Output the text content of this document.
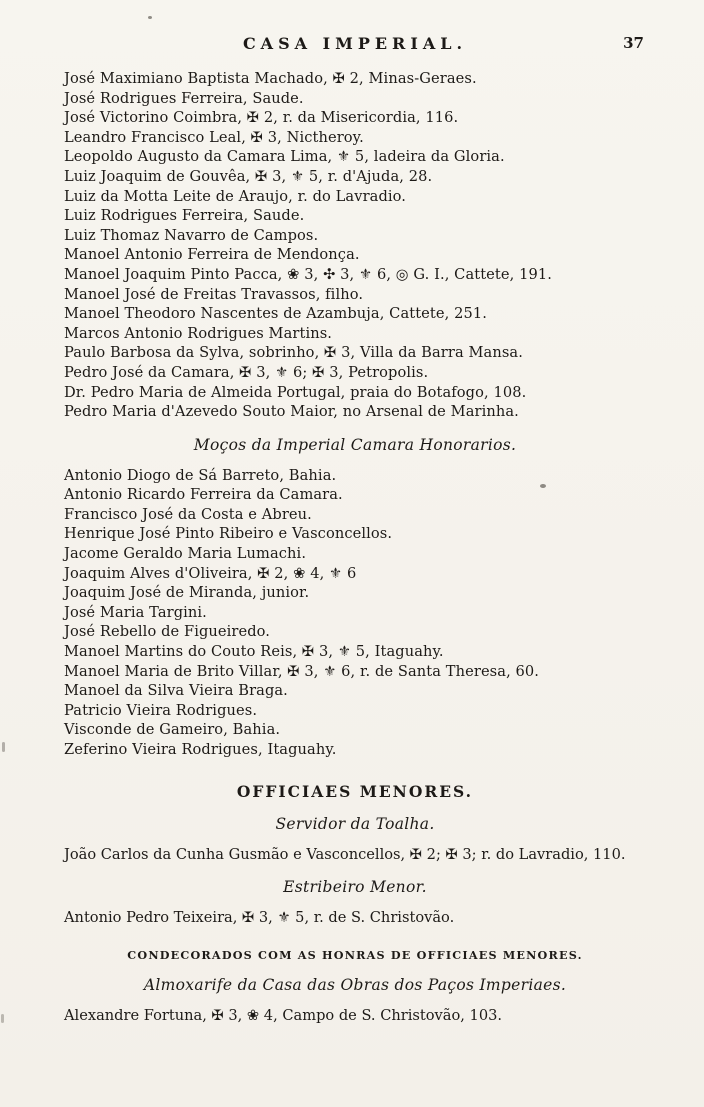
CASA IMPERIAL.	37
José Maximiano Baptista Machado, ✠ 2, Minas-Geraes.
José Rodrigues Ferreira, Saude.
José Victorino Coimbra, ✠ 2, r. da Misericordia, 116.
Leandro Francisco Leal, ✠ 3, Nictheroy.
Leopoldo Augusto da Camara Lima, ⚜ 5, ladeira da Gloria.
Luiz Joaquim de Gouvêa, ✠ 3, ⚜ 5, r. d'Ajuda, 28.
Luiz da Motta Leite de Araujo, r. do Lavradio.
Luiz Rodrigues Ferreira, Saude.
Luiz Thomaz Navarro de Campos.
Manoel Antonio Ferreira de Mendonça.
Manoel Joaquim Pinto Pacca, ❀ 3, ✣ 3, ⚜ 6, ◎ G. I., Cattete, 191.
Manoel José de Freitas Travassos, filho.
Manoel Theodoro Nascentes de Azambuja, Cattete, 251.
Marcos Antonio Rodrigues Martins.
Paulo Barbosa da Sylva, sobrinho, ✠ 3, Villa da Barra Mansa.
Pedro José da Camara, ✠ 3, ⚜ 6; ✠ 3, Petropolis.
Dr. Pedro Maria de Almeida Portugal, praia do Botafogo, 108.
Pedro Maria d'Azevedo Souto Maior, no Arsenal de Marinha.
Moços da Imperial Camara Honorarios.
Antonio Diogo de Sá Barreto, Bahia.
Antonio Ricardo Ferreira da Camara.
Francisco José da Costa e Abreu.
Henrique José Pinto Ribeiro e Vasconcellos.
Jacome Geraldo Maria Lumachi.
Joaquim Alves d'Oliveira, ✠ 2, ❀ 4, ⚜ 6
Joaquim José de Miranda, junior.
José Maria Targini.
José Rebello de Figueiredo.
Manoel Martins do Couto Reis, ✠ 3, ⚜ 5, Itaguahy.
Manoel Maria de Brito Villar, ✠ 3, ⚜ 6, r. de Santa Theresa, 60.
Manoel da Silva Vieira Braga.
Patricio Vieira Rodrigues.
Visconde de Gameiro, Bahia.
Zeferino Vieira Rodrigues, Itaguahy.
OFFICIAES MENORES.
Servidor da Toalha.
João Carlos da Cunha Gusmão e Vasconcellos, ✠ 2; ✠ 3; r. do Lavradio, 110.
Estribeiro Menor.
Antonio Pedro Teixeira, ✠ 3, ⚜ 5, r. de S. Christovão.
CONDECORADOS COM AS HONRAS DE OFFICIAES MENORES.
Almoxarife da Casa das Obras dos Paços Imperiaes.
Alexandre Fortuna, ✠ 3, ❀ 4, Campo de S. Christovão, 103.
